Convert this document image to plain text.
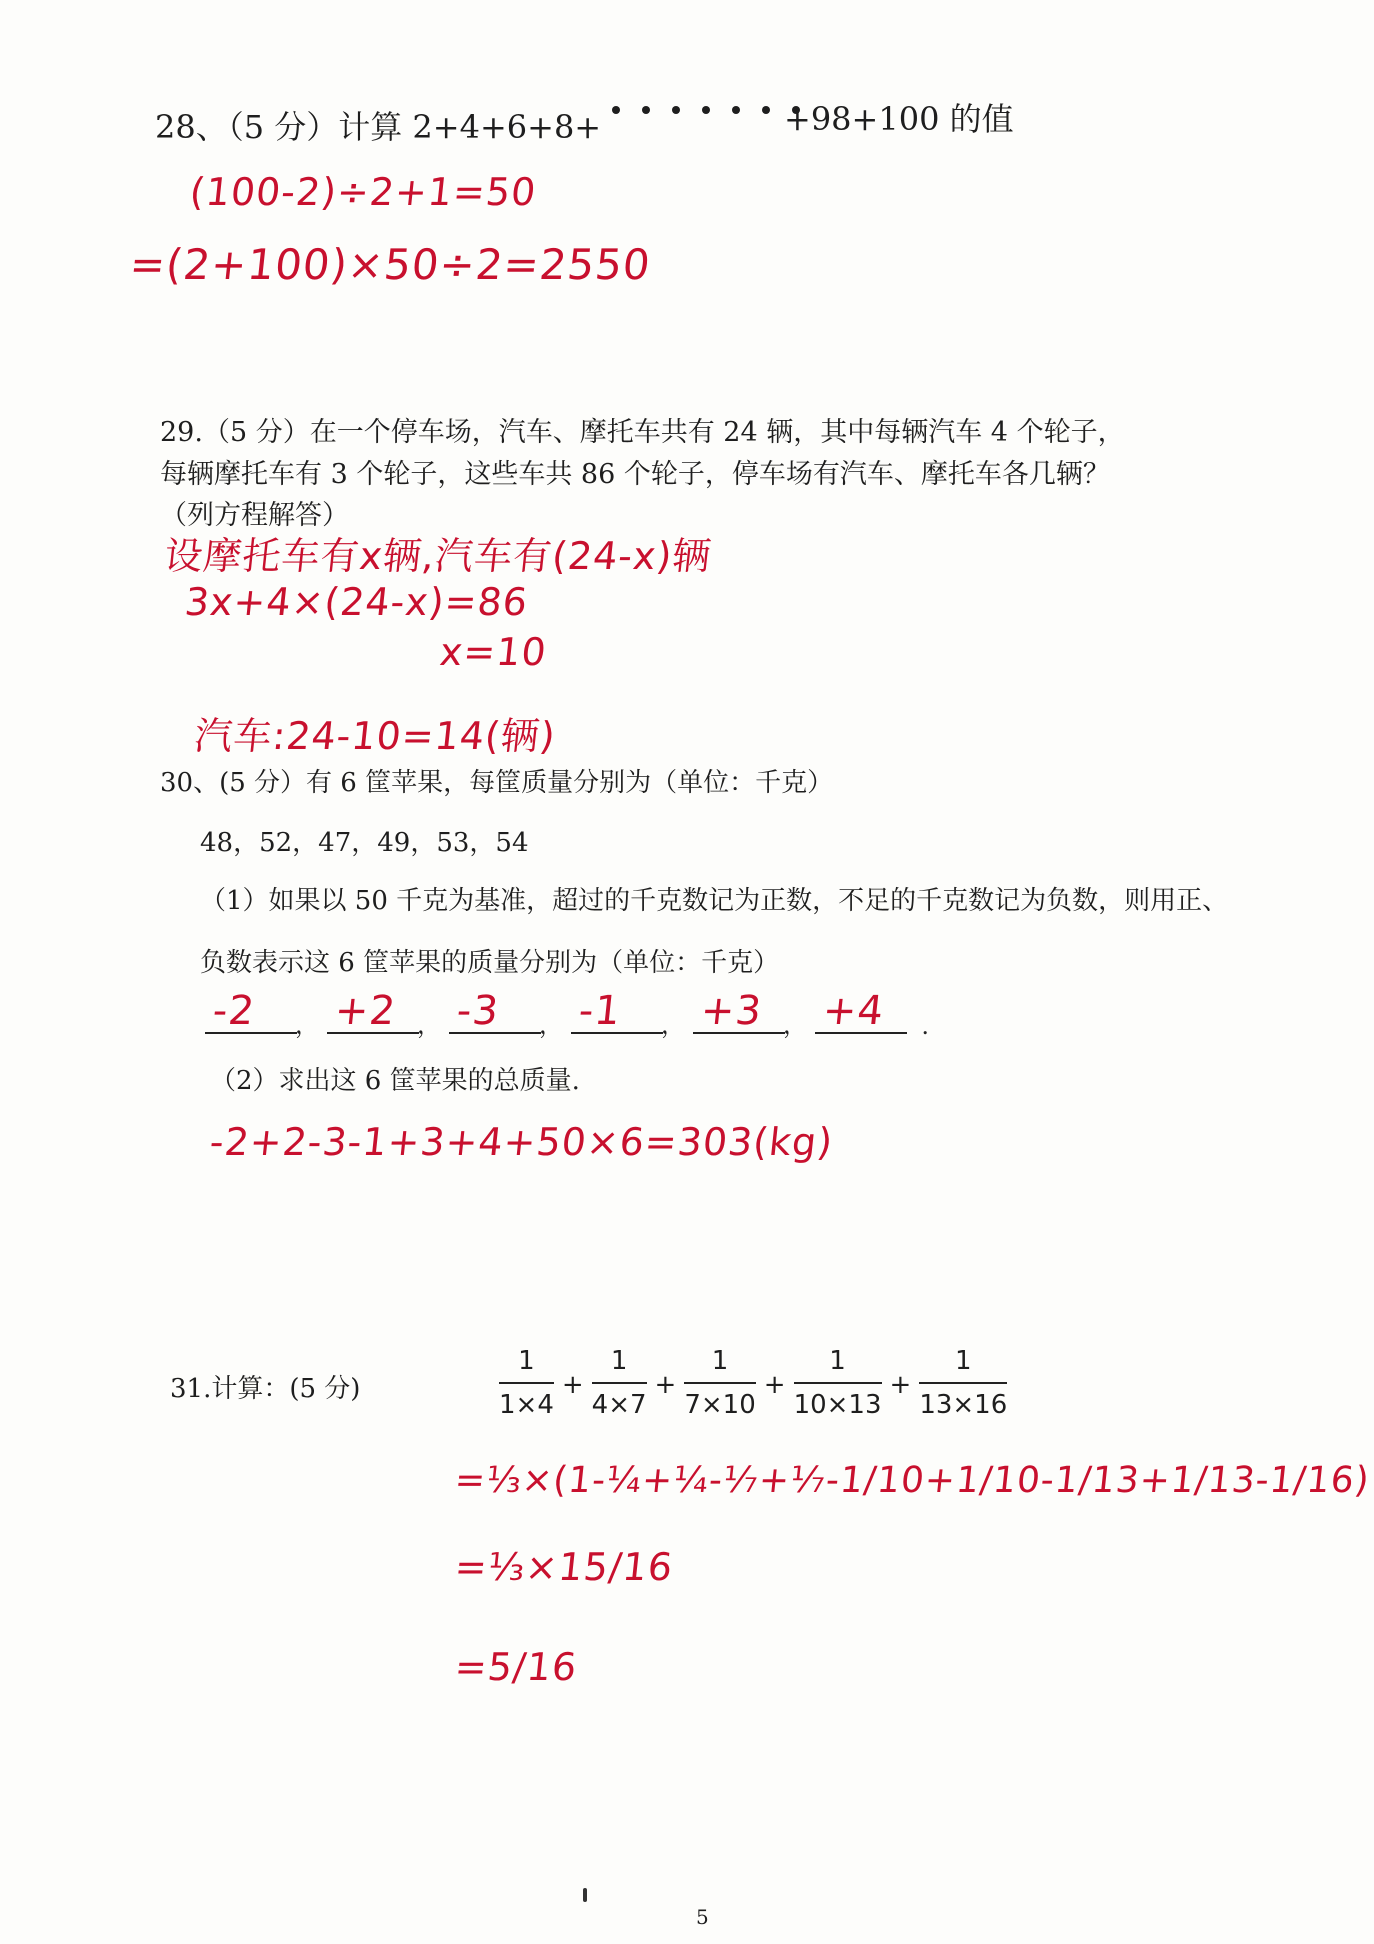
28、（5 分）计算 2+4+6+8+	+98+100 的值
(100-2)÷2+1=50
=(2+100)×50÷2=2550
29.（5 分）在一个停车场，汽车、摩托车共有 24 辆，其中每辆汽车 4 个轮子，
每辆摩托车有 3 个轮子，这些车共 86 个轮子，停车场有汽车、摩托车各几辆？
（列方程解答）
设摩托车有x辆,汽车有(24-x)辆
3x+4×(24-x)=86
x=10
汽车:24-10=14(辆)
30、(5 分）有 6 筐苹果，每筐质量分别为（单位：千克）
48，52，47，49，53，54
（1）如果以 50 千克为基准，超过的千克数记为正数，不足的千克数记为负数，则用正、
负数表示这 6 筐苹果的质量分别为（单位：千克）
-2 ， +2 ， -3 ， -1 ， +3 ， +4 .
（2）求出这 6 筐苹果的总质量.
-2+2-3-1+3+4+50×6=303(kg)
31.计算：(5 分)	$\frac{1}{1\times 4} + \frac{1}{4\times 7} + \frac{1}{7\times 10} + \frac{1}{10\times 13} + \frac{1}{13\times 16}$
=⅓×(1-¼+¼-⅐+⅐-1/10+1/10-1/13+1/13-1/16)
=⅓×15/16
=5/16
5
